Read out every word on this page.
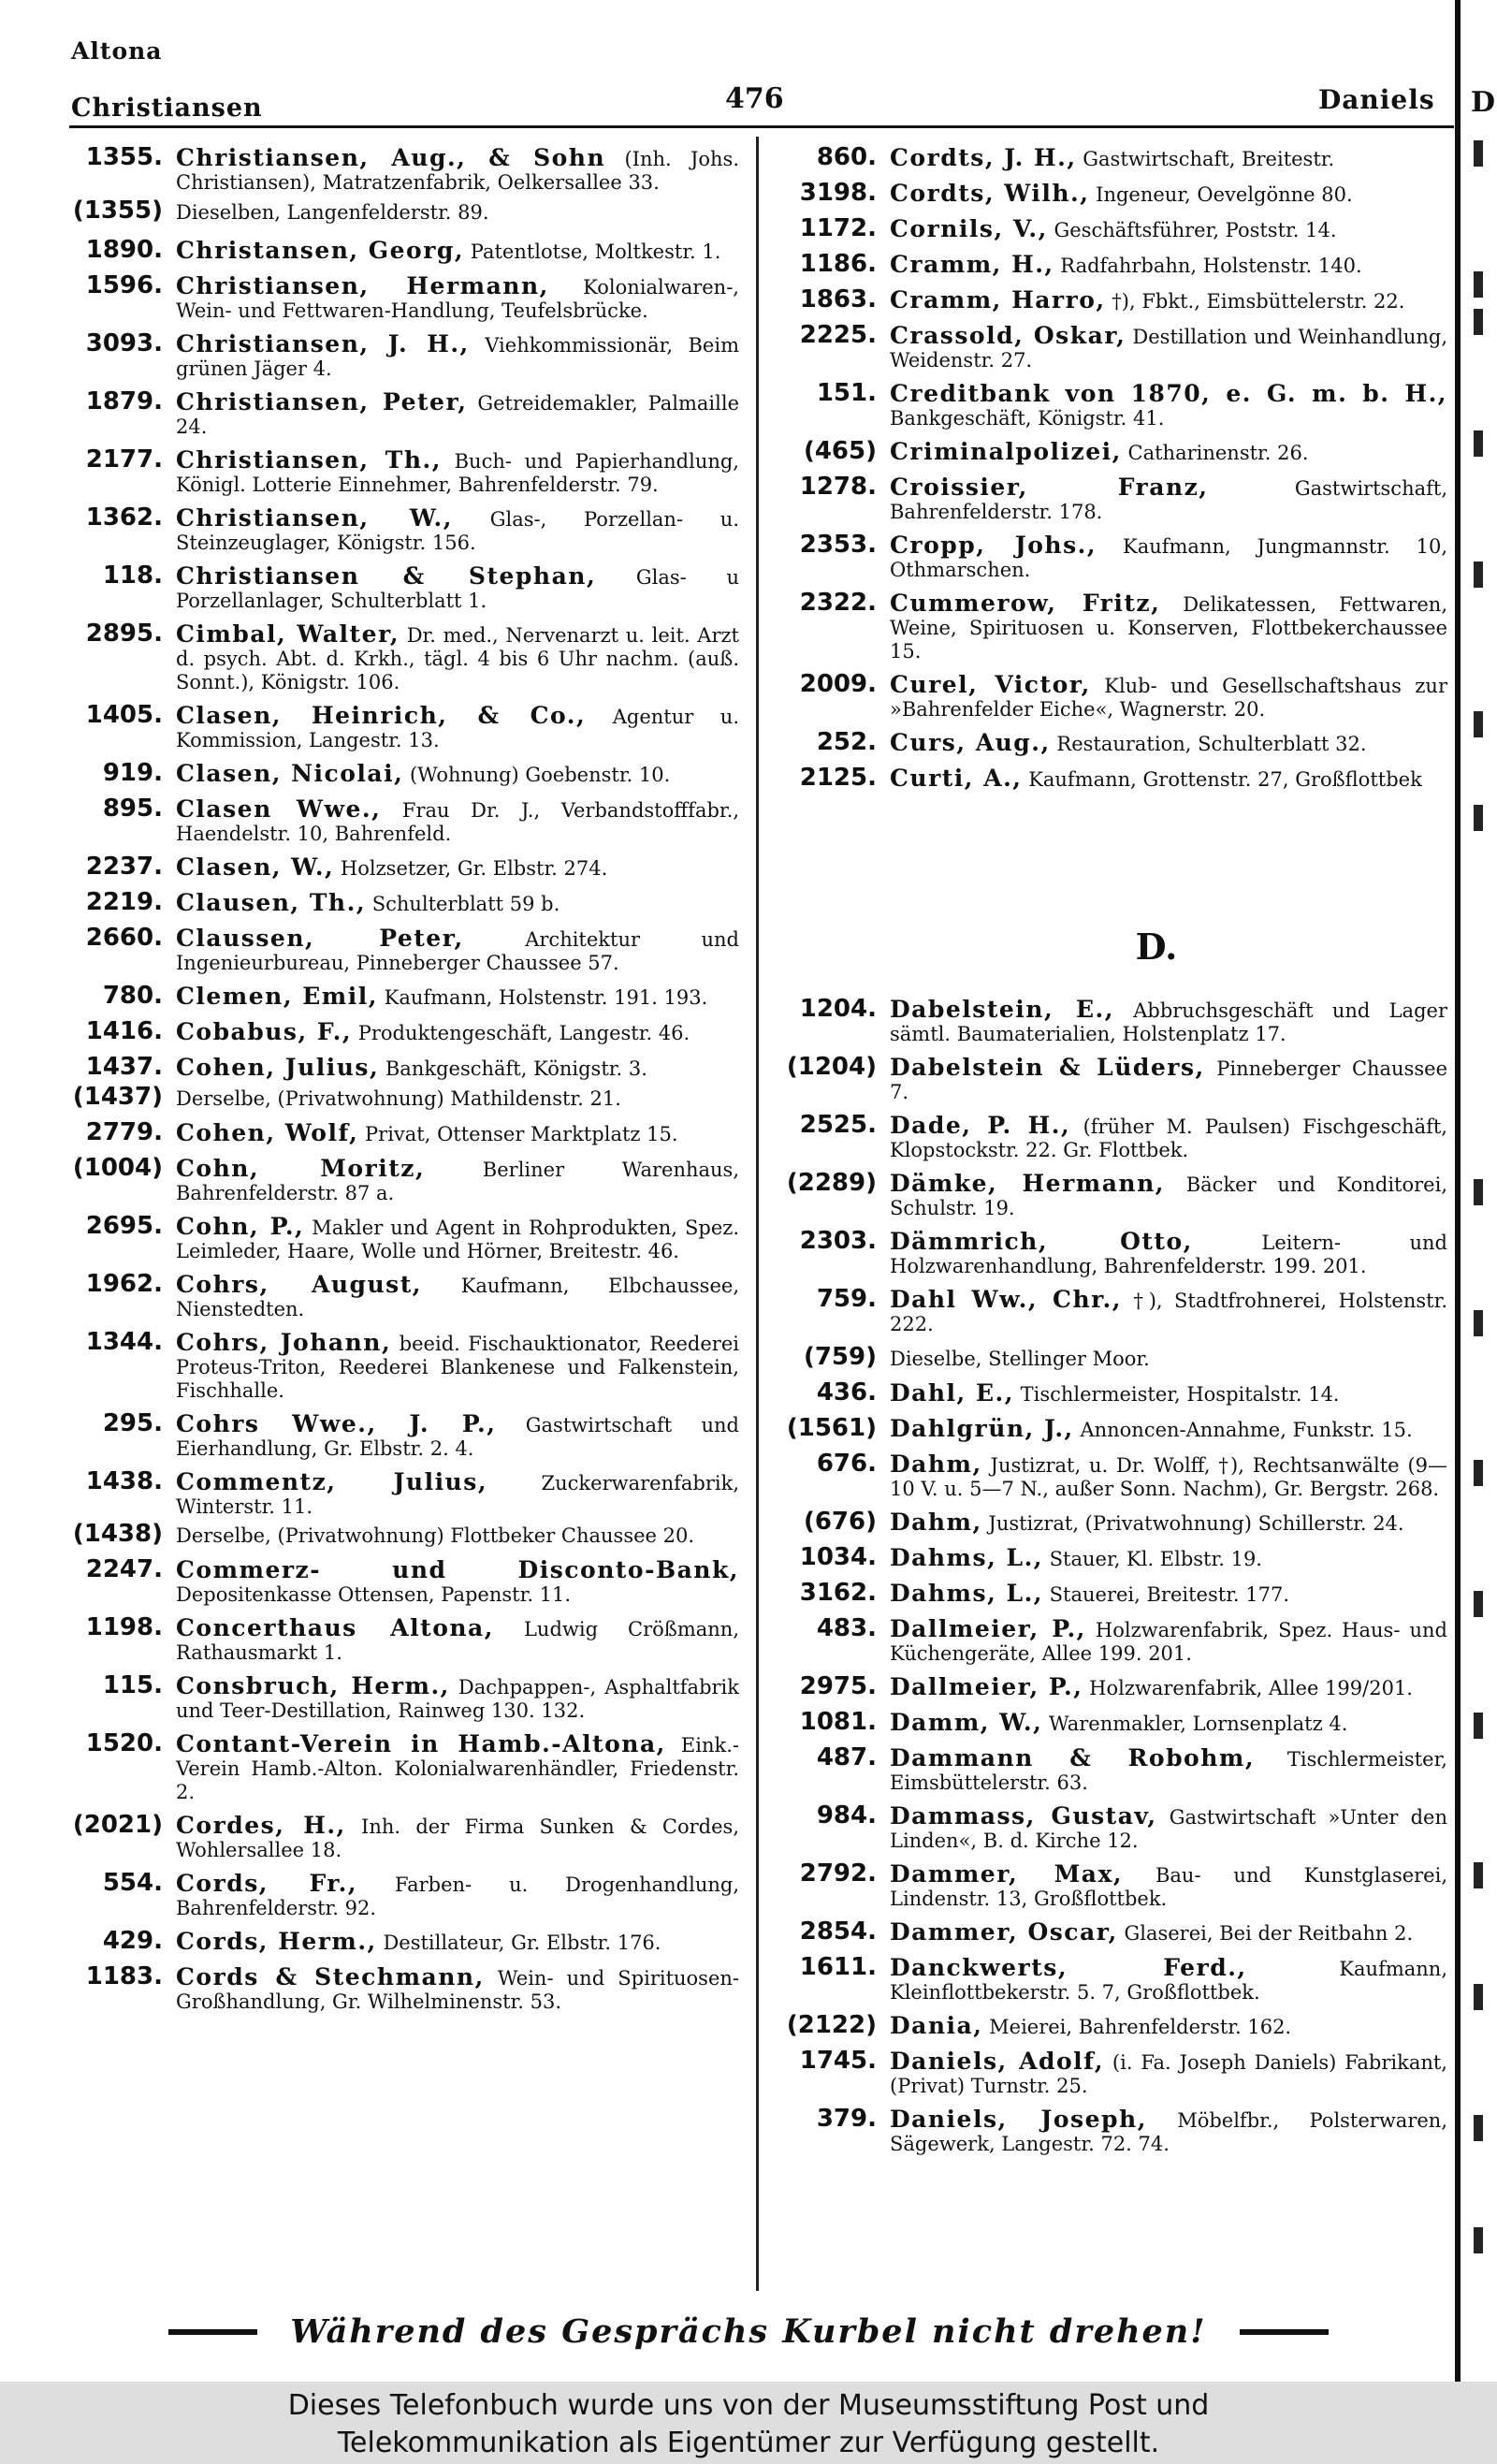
Altona
Christiansen	476	Daniels
1355. Christiansen, Aug., & Sohn (Inh. Johs. Christiansen), Matratzenfabrik, Oelkersallee 33.
(1355) Dieselben, Langenfelderstr. 89.
1890. Christansen, Georg, Patentlotse, Moltkestr. 1.
1596. Christiansen, Hermann, Kolonialwaren-, Wein- und Fettwaren-Handlung, Teufelsbrücke.
3093. Christiansen, J. H., Viehkommissionär, Beim grünen Jäger 4.
1879. Christiansen, Peter, Getreidemakler, Palmaille 24.
2177. Christiansen, Th., Buch- und Papierhandlung, Königl. Lotterie Einnehmer, Bahrenfelderstr. 79.
1362. Christiansen, W., Glas-, Porzellan- u. Steinzeuglager, Königstr. 156.
118. Christiansen & Stephan, Glas- u Porzellanlager, Schulterblatt 1.
2895. Cimbal, Walter, Dr. med., Nervenarzt u. leit. Arzt d. psych. Abt. d. Krkh., tägl. 4 bis 6 Uhr nachm. (auß. Sonnt.), Königstr. 106.
1405. Clasen, Heinrich, & Co., Agentur u. Kommission, Langestr. 13.
919. Clasen, Nicolai, (Wohnung) Goebenstr. 10.
895. Clasen Wwe., Frau Dr. J., Verbandstofffabr., Haendelstr. 10, Bahrenfeld.
2237. Clasen, W., Holzsetzer, Gr. Elbstr. 274.
2219. Clausen, Th., Schulterblatt 59 b.
2660. Claussen, Peter, Architektur und Ingenieurbureau, Pinneberger Chaussee 57.
780. Clemen, Emil, Kaufmann, Holstenstr. 191. 193.
1416. Cobabus, F., Produktengeschäft, Langestr. 46.
1437. Cohen, Julius, Bankgeschäft, Königstr. 3.
(1437) Derselbe, (Privatwohnung) Mathildenstr. 21.
2779. Cohen, Wolf, Privat, Ottenser Marktplatz 15.
(1004) Cohn, Moritz, Berliner Warenhaus, Bahrenfelderstr. 87 a.
2695. Cohn, P., Makler und Agent in Rohprodukten, Spez. Leimleder, Haare, Wolle und Hörner, Breitestr. 46.
1962. Cohrs, August, Kaufmann, Elbchaussee, Nienstedten.
1344. Cohrs, Johann, beeid. Fischauktionator, Reederei Proteus-Triton, Reederei Blankenese und Falkenstein, Fischhalle.
295. Cohrs Wwe., J. P., Gastwirtschaft und Eierhandlung, Gr. Elbstr. 2. 4.
1438. Commentz, Julius, Zuckerwarenfabrik, Winterstr. 11.
(1438) Derselbe, (Privatwohnung) Flottbeker Chaussee 20.
2247. Commerz- und Disconto-Bank, Depositenkasse Ottensen, Papenstr. 11.
1198. Concerthaus Altona, Ludwig Crößmann, Rathausmarkt 1.
115. Consbruch, Herm., Dachpappen-, Asphaltfabrik und Teer-Destillation, Rainweg 130. 132.
1520. Contant-Verein in Hamb.-Altona, Eink.-Verein Hamb.-Alton. Kolonialwarenhändler, Friedenstr. 2.
(2021) Cordes, H., Inh. der Firma Sunken & Cordes, Wohlersallee 18.
554. Cords, Fr., Farben- u. Drogenhandlung, Bahrenfelderstr. 92.
429. Cords, Herm., Destillateur, Gr. Elbstr. 176.
1183. Cords & Stechmann, Wein- und Spirituosen-Großhandlung, Gr. Wilhelminenstr. 53.
860. Cordts, J. H., Gastwirtschaft, Breitestr.
3198. Cordts, Wilh., Ingeneur, Oevelgönne 80.
1172. Cornils, V., Geschäftsführer, Poststr. 14.
1186. Cramm, H., Radfahrbahn, Holstenstr. 140.
1863. Cramm, Harro, †), Fbkt., Eimsbüttelerstr. 22.
2225. Crassold, Oskar, Destillation und Weinhandlung, Weidenstr. 27.
151. Creditbank von 1870, e. G. m. b. H., Bankgeschäft, Königstr. 41.
(465) Criminalpolizei, Catharinenstr. 26.
1278. Croissier, Franz, Gastwirtschaft, Bahrenfelderstr. 178.
2353. Cropp, Johs., Kaufmann, Jungmannstr. 10, Othmarschen.
2322. Cummerow, Fritz, Delikatessen, Fettwaren, Weine, Spirituosen u. Konserven, Flottbekerchaussee 15.
2009. Curel, Victor, Klub- und Gesellschaftshaus zur »Bahrenfelder Eiche«, Wagnerstr. 20.
252. Curs, Aug., Restauration, Schulterblatt 32.
2125. Curti, A., Kaufmann, Grottenstr. 27, Großflottbek
D.
1204. Dabelstein, E., Abbruchsgeschäft und Lager sämtl. Baumaterialien, Holstenplatz 17.
(1204) Dabelstein & Lüders, Pinneberger Chaussee 7.
2525. Dade, P. H., (früher M. Paulsen) Fischgeschäft, Klopstockstr. 22. Gr. Flottbek.
(2289) Dämke, Hermann, Bäcker und Konditorei, Schulstr. 19.
2303. Dämmrich, Otto, Leitern- und Holzwarenhandlung, Bahrenfelderstr. 199. 201.
759. Dahl Ww., Chr., †), Stadtfrohnerei, Holstenstr. 222.
(759) Dieselbe, Stellinger Moor.
436. Dahl, E., Tischlermeister, Hospitalstr. 14.
(1561) Dahlgrün, J., Annoncen-Annahme, Funkstr. 15.
676. Dahm, Justizrat, u. Dr. Wolff, †), Rechtsanwälte (9—10 V. u. 5—7 N., außer Sonn. Nachm), Gr. Bergstr. 268.
(676) Dahm, Justizrat, (Privatwohnung) Schillerstr. 24.
1034. Dahms, L., Stauer, Kl. Elbstr. 19.
3162. Dahms, L., Stauerei, Breitestr. 177.
483. Dallmeier, P., Holzwarenfabrik, Spez. Haus- und Küchengeräte, Allee 199. 201.
2975. Dallmeier, P., Holzwarenfabrik, Allee 199/201.
1081. Damm, W., Warenmakler, Lornsenplatz 4.
487. Dammann & Robohm, Tischlermeister, Eimsbüttelerstr. 63.
984. Dammass, Gustav, Gastwirtschaft »Unter den Linden«, B. d. Kirche 12.
2792. Dammer, Max, Bau- und Kunstglaserei, Lindenstr. 13, Großflottbek.
2854. Dammer, Oscar, Glaserei, Bei der Reitbahn 2.
1611. Danckwerts, Ferd., Kaufmann, Kleinflottbekerstr. 5. 7, Großflottbek.
(2122) Dania, Meierei, Bahrenfelderstr. 162.
1745. Daniels, Adolf, (i. Fa. Joseph Daniels) Fabrikant, (Privat) Turnstr. 25.
379. Daniels, Joseph, Möbelfbr., Polsterwaren, Sägewerk, Langestr. 72. 74.
Während des Gesprächs Kurbel nicht drehen!
D
Dieses Telefonbuch wurde uns von der Museumsstiftung Post und
Telekommunikation als Eigentümer zur Verfügung gestellt.
